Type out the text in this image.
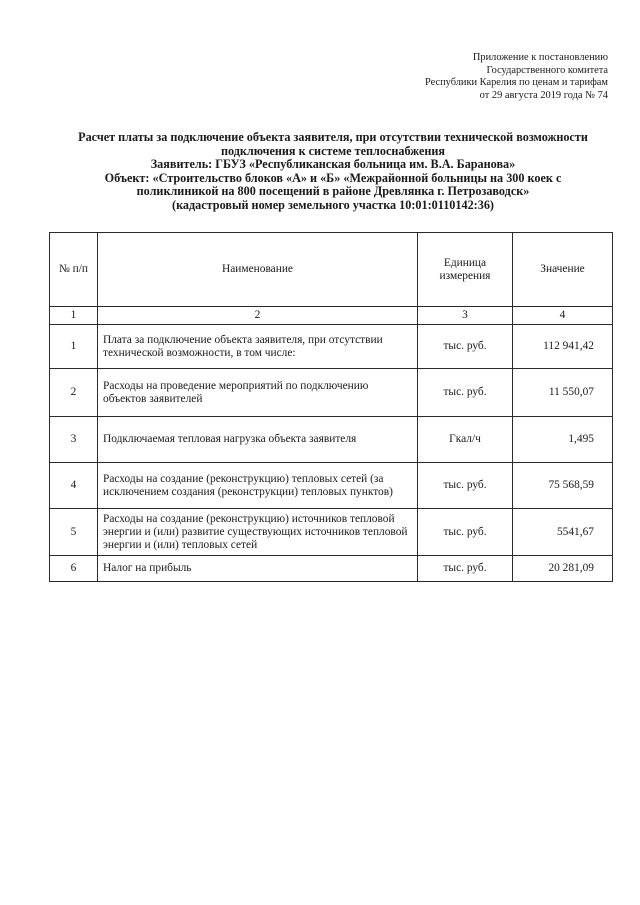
Приложение к постановлению
Государственного комитета
Республики Карелия по ценам и тарифам
от 29 августа 2019 года № 74
Расчет платы за подключение объекта заявителя, при отсутствии технической возможности
подключения к системе теплоснабжения
Заявитель: ГБУЗ «Республиканская больница им. В.А. Баранова»
Объект: «Строительство блоков «А» и «Б» «Межрайонной больницы на 300 коек с
поликлиникой на 800 посещений в районе Древлянка г. Петрозаводск»
(кадастровый номер земельного участка 10:01:0110142:36)
№ п/п	Наименование	Единица измерения	Значение
1	2	3	4
1	Плата за подключение объекта заявителя, при отсутствии технической возможности, в том числе:	тыс. руб.	112 941,42
2	Расходы на проведение мероприятий по подключению объектов заявителей	тыс. руб.	11 550,07
3	Подключаемая тепловая нагрузка объекта заявителя	Гкал/ч	1,495
4	Расходы на создание (реконструкцию) тепловых сетей (за исключением создания (реконструкции) тепловых пунктов)	тыс. руб.	75 568,59
5	Расходы на создание (реконструкцию) источников тепловой энергии и (или) развитие существующих источников тепловой энергии и (или) тепловых сетей	тыс. руб.	5541,67
6	Налог на прибыль	тыс. руб.	20 281,09
